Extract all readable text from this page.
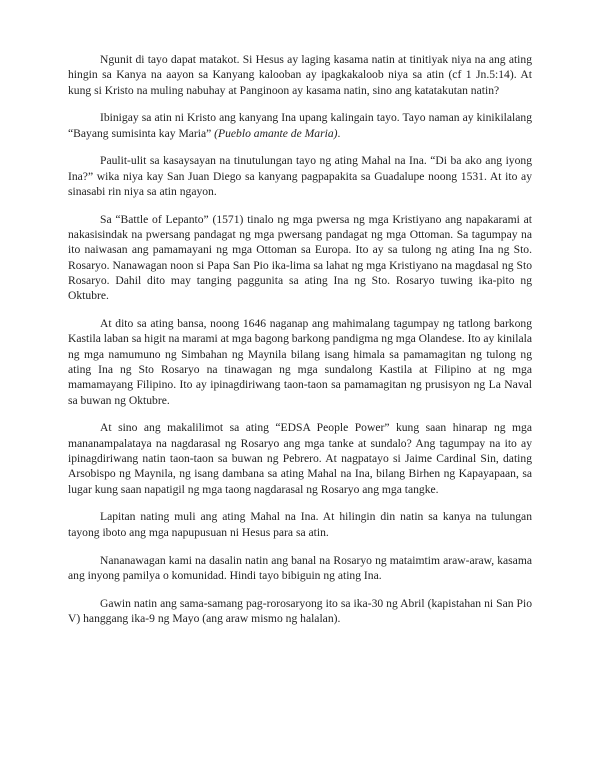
Ngunit di tayo dapat matakot. Si Hesus ay laging kasama natin at tinitiyak niya na ang ating hingin sa Kanya na aayon sa Kanyang kalooban ay ipagkakaloob niya sa atin (cf 1 Jn.5:14). At kung si Kristo na muling nabuhay at Panginoon ay kasama natin, sino ang katatakutan natin?

Ibinigay sa atin ni Kristo ang kanyang Ina upang kalingain tayo. Tayo naman ay kinikilalang “Bayang sumisinta kay Maria” (Pueblo amante de Maria).

Paulit-ulit sa kasaysayan na tinutulungan tayo ng ating Mahal na Ina. “Di ba ako ang iyong Ina?” wika niya kay San Juan Diego sa kanyang pagpapakita sa Guadalupe noong 1531. At ito ay sinasabi rin niya sa atin ngayon.

Sa “Battle of Lepanto” (1571) tinalo ng mga pwersa ng mga Kristiyano ang napakarami at nakasisindak na pwersang pandagat ng mga pwersang pandagat ng mga Ottoman. Sa tagumpay na ito naiwasan ang pamamayani ng mga Ottoman sa Europa. Ito ay sa tulong ng ating Ina ng Sto. Rosaryo. Nanawagan noon si Papa San Pio ika-lima sa lahat ng mga Kristiyano na magdasal ng Sto Rosaryo. Dahil dito may tanging paggunita sa ating Ina ng Sto. Rosaryo tuwing ika-pito ng Oktubre.

At dito sa ating bansa, noong 1646 naganap ang mahimalang tagumpay ng tatlong barkong Kastila laban sa higit na marami at mga bagong barkong pandigma ng mga Olandese. Ito ay kinilala ng mga namumuno ng Simbahan ng Maynila bilang isang himala sa pamamagitan ng tulong ng ating Ina ng Sto Rosaryo na tinawagan ng mga sundalong Kastila at Filipino at ng mga mamamayang Filipino. Ito ay ipinagdiriwang taon-taon sa pamamagitan ng prusisyon ng La Naval sa buwan ng Oktubre.

At sino ang makalilimot sa ating “EDSA People Power” kung saan hinarap ng mga mananampalataya na nagdarasal ng Rosaryo ang mga tanke at sundalo? Ang tagumpay na ito ay ipinagdiriwang natin taon-taon sa buwan ng Pebrero. At nagpatayo si Jaime Cardinal Sin, dating Arsobispo ng Maynila, ng isang dambana sa ating Mahal na Ina, bilang Birhen ng Kapayapaan, sa lugar kung saan napatigil ng mga taong nagdarasal ng Rosaryo ang mga tangke.

Lapitan nating muli ang ating Mahal na Ina. At hilingin din natin sa kanya na tulungan tayong iboto ang mga napupusuan ni Hesus para sa atin.

Nananawagan kami na dasalin natin ang banal na Rosaryo ng mataimtim araw-araw, kasama ang inyong pamilya o komunidad. Hindi tayo bibiguin ng ating Ina.

Gawin natin ang sama-samang pag-rorosaryong ito sa ika-30 ng Abril (kapistahan ni San Pio V) hanggang ika-9 ng Mayo (ang araw mismo ng halalan).
